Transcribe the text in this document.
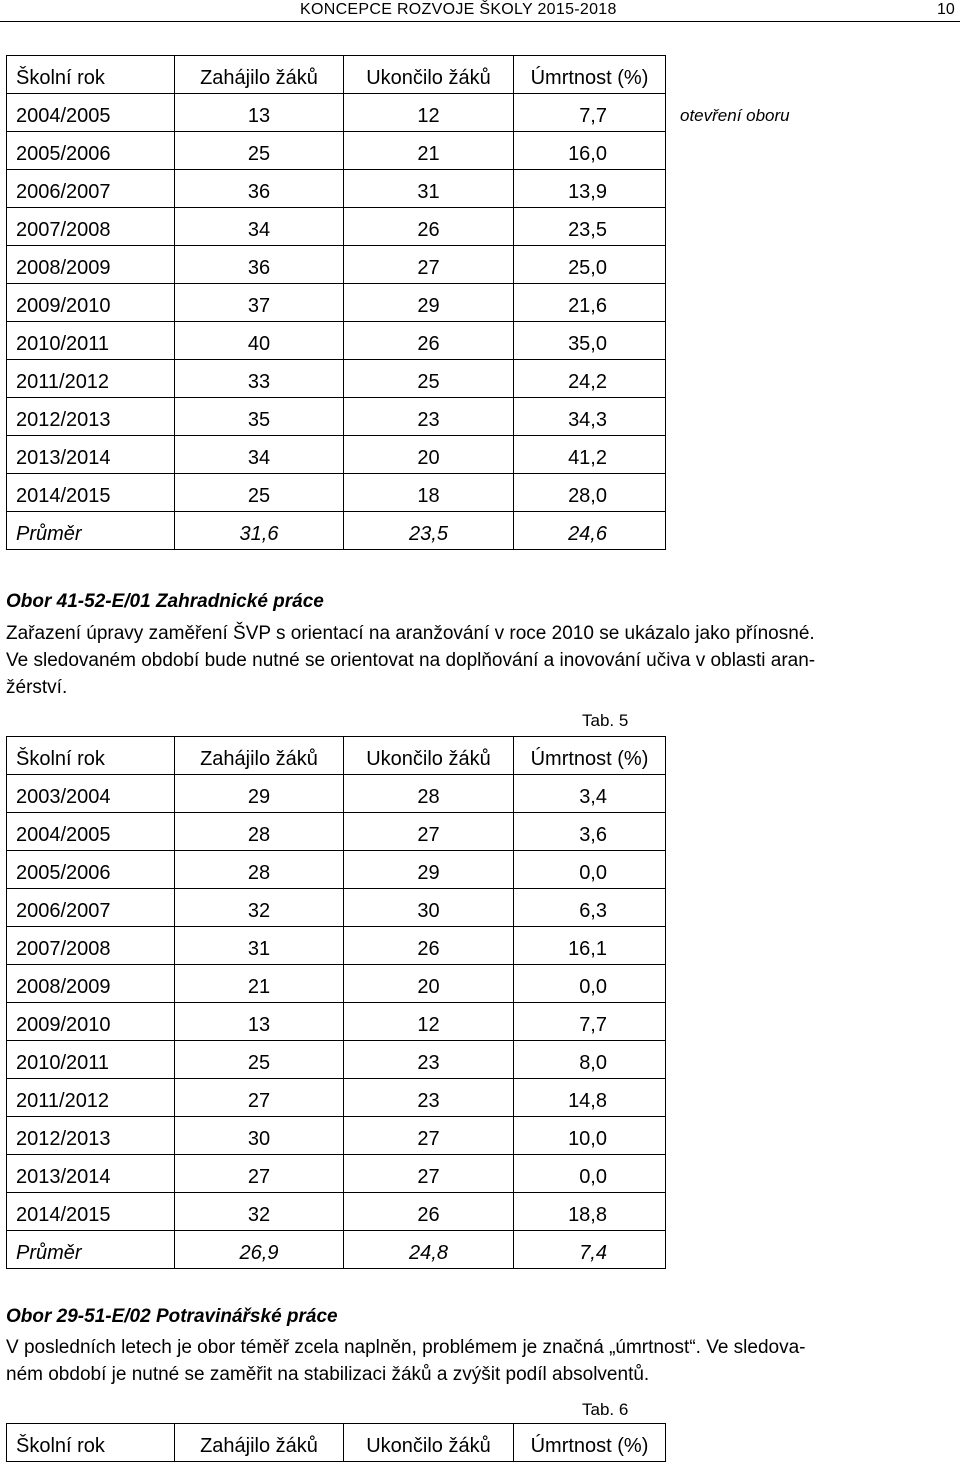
KONCEPCE ROZVOJE ŠKOLY 2015-2018	10
Školní rok	Zahájilo žáků	Ukončilo žáků	Úmrtnost (%)
2004/2005	13	12	7,7
2005/2006	25	21	16,0
2006/2007	36	31	13,9
2007/2008	34	26	23,5
2008/2009	36	27	25,0
2009/2010	37	29	21,6
2010/2011	40	26	35,0
2011/2012	33	25	24,2
2012/2013	35	23	34,3
2013/2014	34	20	41,2
2014/2015	25	18	28,0
Průměr	31,6	23,5	24,6
otevření oboru
Obor 41-52-E/01 Zahradnické práce
Zařazení úpravy zaměření ŠVP s orientací na aranžování v roce 2010 se ukázalo jako přínosné.
Ve sledovaném období bude nutné se orientovat na doplňování a inovování učiva v oblasti aran-
žérství.
Tab. 5
Školní rok	Zahájilo žáků	Ukončilo žáků	Úmrtnost (%)
2003/2004	29	28	3,4
2004/2005	28	27	3,6
2005/2006	28	29	0,0
2006/2007	32	30	6,3
2007/2008	31	26	16,1
2008/2009	21	20	0,0
2009/2010	13	12	7,7
2010/2011	25	23	8,0
2011/2012	27	23	14,8
2012/2013	30	27	10,0
2013/2014	27	27	0,0
2014/2015	32	26	18,8
Průměr	26,9	24,8	7,4
Obor 29-51-E/02 Potravinářské práce
V posledních letech je obor téměř zcela naplněn, problémem je značná „úmrtnost“. Ve sledova-
ném období je nutné se zaměřit na stabilizaci žáků a zvýšit podíl absolventů.
Tab. 6
Školní rok	Zahájilo žáků	Ukončilo žáků	Úmrtnost (%)
